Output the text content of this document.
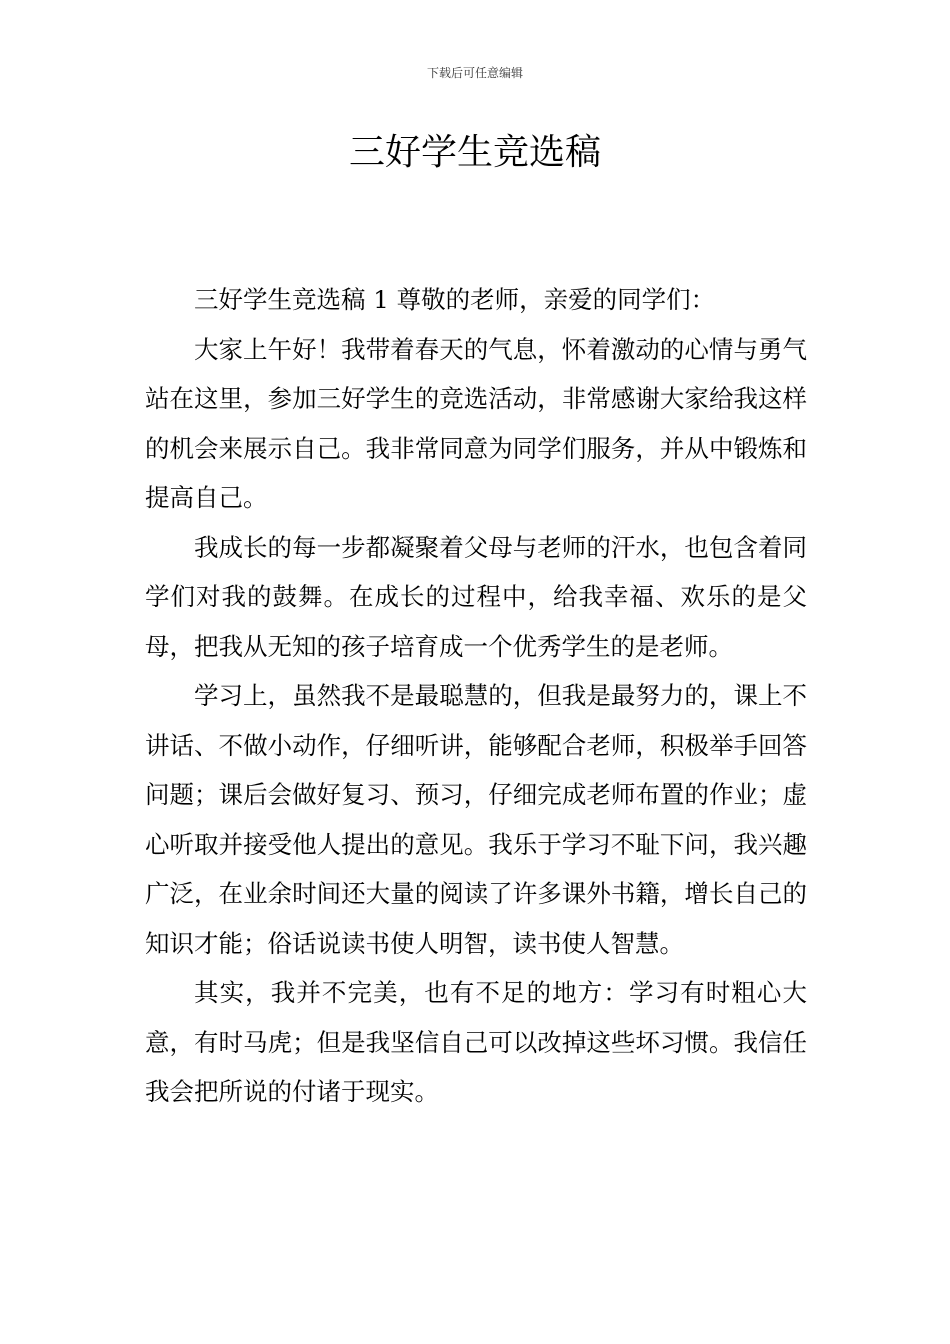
下载后可任意编辑
三好学生竞选稿

三好学生竞选稿 1 尊敬的老师，亲爱的同学们：

大家上午好！我带着春天的气息，怀着激动的心情与勇气站在这里，参加三好学生的竞选活动，非常感谢大家给我这样的机会来展示自己。我非常同意为同学们服务，并从中锻炼和提高自己。

我成长的每一步都凝聚着父母与老师的汗水，也包含着同学们对我的鼓舞。在成长的过程中，给我幸福、欢乐的是父母，把我从无知的孩子培育成一个优秀学生的是老师。

学习上，虽然我不是最聪慧的，但我是最努力的，课上不讲话、不做小动作，仔细听讲，能够配合老师，积极举手回答问题；课后会做好复习、预习，仔细完成老师布置的作业；虚心听取并接受他人提出的意见。我乐于学习不耻下问，我兴趣广泛，在业余时间还大量的阅读了许多课外书籍，增长自己的知识才能；俗话说读书使人明智，读书使人智慧。

其实，我并不完美，也有不足的地方：学习有时粗心大意，有时马虎；但是我坚信自己可以改掉这些坏习惯。我信任我会把所说的付诸于现实。
